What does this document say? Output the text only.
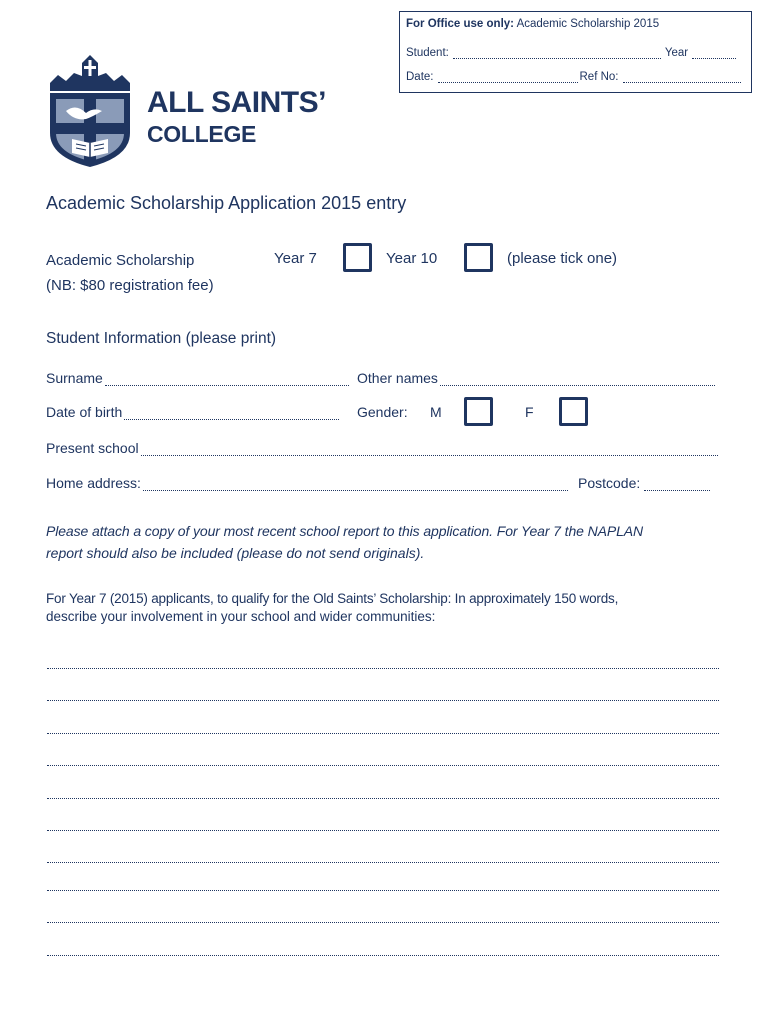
For Office use only: Academic Scholarship 2015
Student:	Year
Date:	Ref No:
ALL SAINTS’
COLLEGE
Academic Scholarship Application 2015 entry
Academic Scholarship
(NB: $80 registration fee)
Year 7	Year 10	(please tick one)
Student Information (please print)
Surname	Other names
Date of birth	Gender: M	F
Present school
Home address:	Postcode:
Please attach a copy of your most recent school report to this application. For Year 7 the NAPLAN
report should also be included (please do not send originals).
For Year 7 (2015) applicants, to qualify for the Old Saints’ Scholarship: In approximately 150 words,
describe your involvement in your school and wider communities:
